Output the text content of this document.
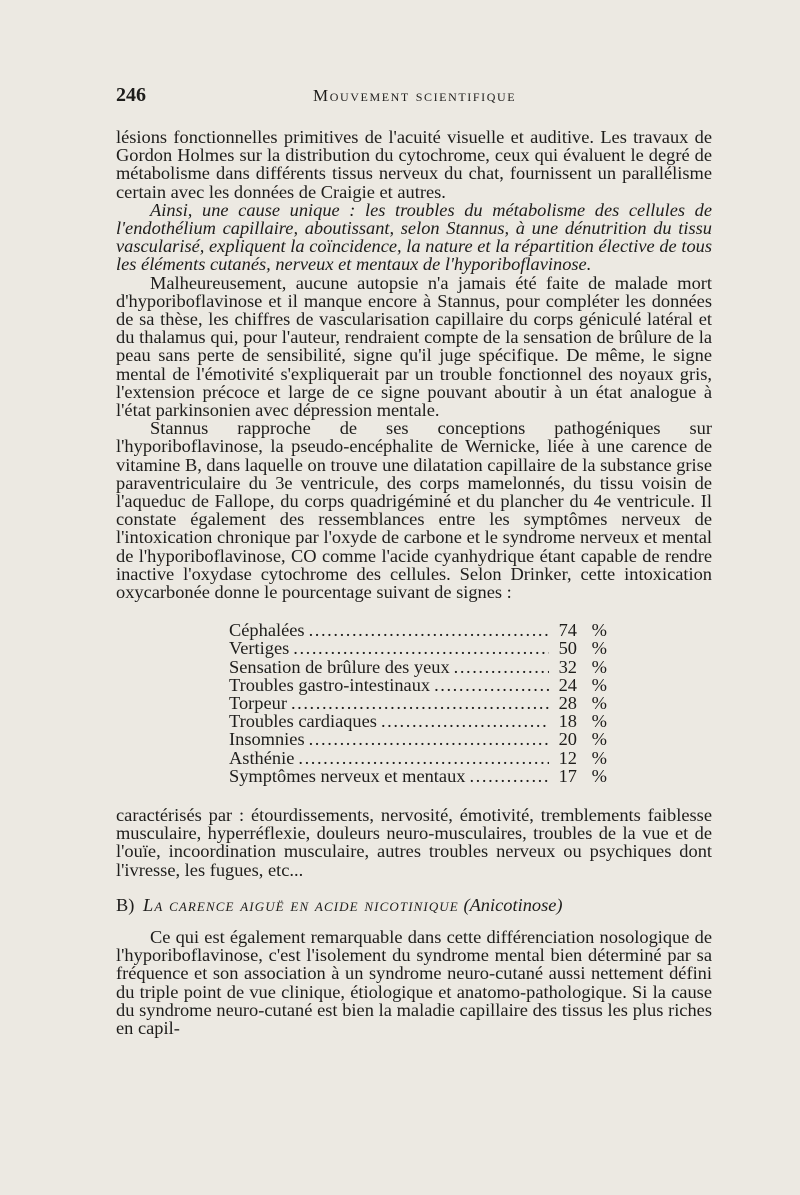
246	Mouvement scientifique

lésions fonctionnelles primitives de l'acuité visuelle et auditive. Les travaux de Gordon Holmes sur la distribution du cytochrome, ceux qui évaluent le degré de métabolisme dans différents tissus nerveux du chat, fournissent un parallélisme certain avec les données de Craigie et autres.

Ainsi, une cause unique : les troubles du métabolisme des cellules de l'endothélium capillaire, aboutissant, selon Stannus, à une dénutrition du tissu vascularisé, expliquent la coïncidence, la nature et la répartition élective de tous les éléments cutanés, nerveux et mentaux de l'hyporiboflavinose.

Malheureusement, aucune autopsie n'a jamais été faite de malade mort d'hyporiboflavinose et il manque encore à Stannus, pour compléter les données de sa thèse, les chiffres de vascularisation capillaire du corps géniculé latéral et du thalamus qui, pour l'auteur, rendraient compte de la sensation de brûlure de la peau sans perte de sensibilité, signe qu'il juge spécifique. De même, le signe mental de l'émotivité s'expliquerait par un trouble fonctionnel des noyaux gris, l'extension précoce et large de ce signe pouvant aboutir à un état analogue à l'état parkinsonien avec dépression mentale.

Stannus rapproche de ses conceptions pathogéniques sur l'hyporiboflavinose, la pseudo-encéphalite de Wernicke, liée à une carence de vitamine B, dans laquelle on trouve une dilatation capillaire de la substance grise paraventriculaire du 3e ventricule, des corps mamelonnés, du tissu voisin de l'aqueduc de Fallope, du corps quadrigéminé et du plancher du 4e ventricule. Il constate également des ressemblances entre les symptômes nerveux de l'intoxication chronique par l'oxyde de carbone et le syndrome nerveux et mental de l'hyporiboflavinose, CO comme l'acide cyanhydrique étant capable de rendre inactive l'oxydase cytochrome des cellules. Selon Drinker, cette intoxication oxycarbonée donne le pourcentage suivant de signes :

Céphalées .....	74 %
Vertiges .....	50 %
Sensation de brûlure des yeux .....	32 %
Troubles gastro-intestinaux .....	24 %
Torpeur .....	28 %
Troubles cardiaques .....	18 %
Insomnies .....	20 %
Asthénie .....	12 %
Symptômes nerveux et mentaux .....	17 %

caractérisés par : étourdissements, nervosité, émotivité, tremblements faiblesse musculaire, hyperréflexie, douleurs neuro-musculaires, troubles de la vue et de l'ouïe, incoordination musculaire, autres troubles nerveux ou psychiques dont l'ivresse, les fugues, etc...

B) La carence aiguë en acide nicotinique (Anicotinose)

Ce qui est également remarquable dans cette différenciation nosologique de l'hyporiboflavinose, c'est l'isolement du syndrome mental bien déterminé par sa fréquence et son association à un syndrome neuro-cutané aussi nettement défini du triple point de vue clinique, étiologique et anatomo-pathologique. Si la cause du syndrome neuro-cutané est bien la maladie capillaire des tissus les plus riches en capil-
